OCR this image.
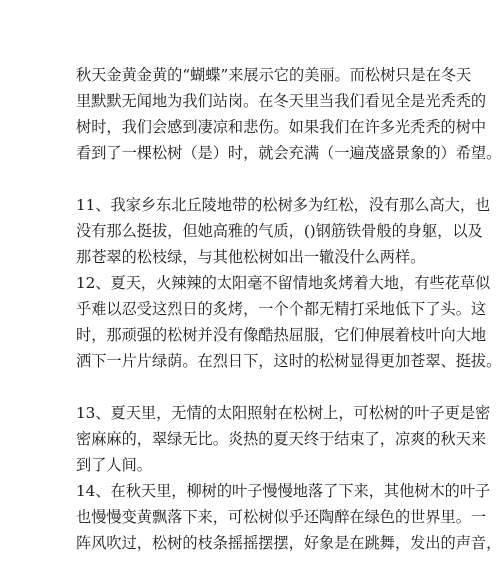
秋天金黄金黄的“蝴蝶”来展示它的美丽。而松树只是在冬天
里默默无闻地为我们站岗。在冬天里当我们看见全是光秃秃的
树时，我们会感到凄凉和悲伤。如果我们在许多光秃秃的树中
看到了一棵松树（是）时，就会充满（一遍茂盛景象的）希望。
11、我家乡东北丘陵地带的松树多为红松，没有那么高大，也
没有那么挺拔，但她高雅的气质，()钢筋铁骨般的身躯，以及
那苍翠的松枝绿，与其他松树如出一辙没什么两样。
12、夏天，火辣辣的太阳毫不留情地炙烤着大地，有些花草似
乎难以忍受这烈日的炙烤，一个个都无精打采地低下了头。这
时，那顽强的松树并没有像酷热屈服，它们伸展着枝叶向大地
洒下一片片绿荫。在烈日下，这时的松树显得更加苍翠、挺拔。
13、夏天里，无情的太阳照射在松树上，可松树的叶子更是密
密麻麻的，翠绿无比。炎热的夏天终于结束了，凉爽的秋天来
到了人间。
14、在秋天里，柳树的叶子慢慢地落了下来，其他树木的叶子
也慢慢变黄飘落下来，可松树似乎还陶醉在绿色的世界里。一
阵风吹过，松树的枝条摇摇摆摆，好象是在跳舞，发出的声音，
